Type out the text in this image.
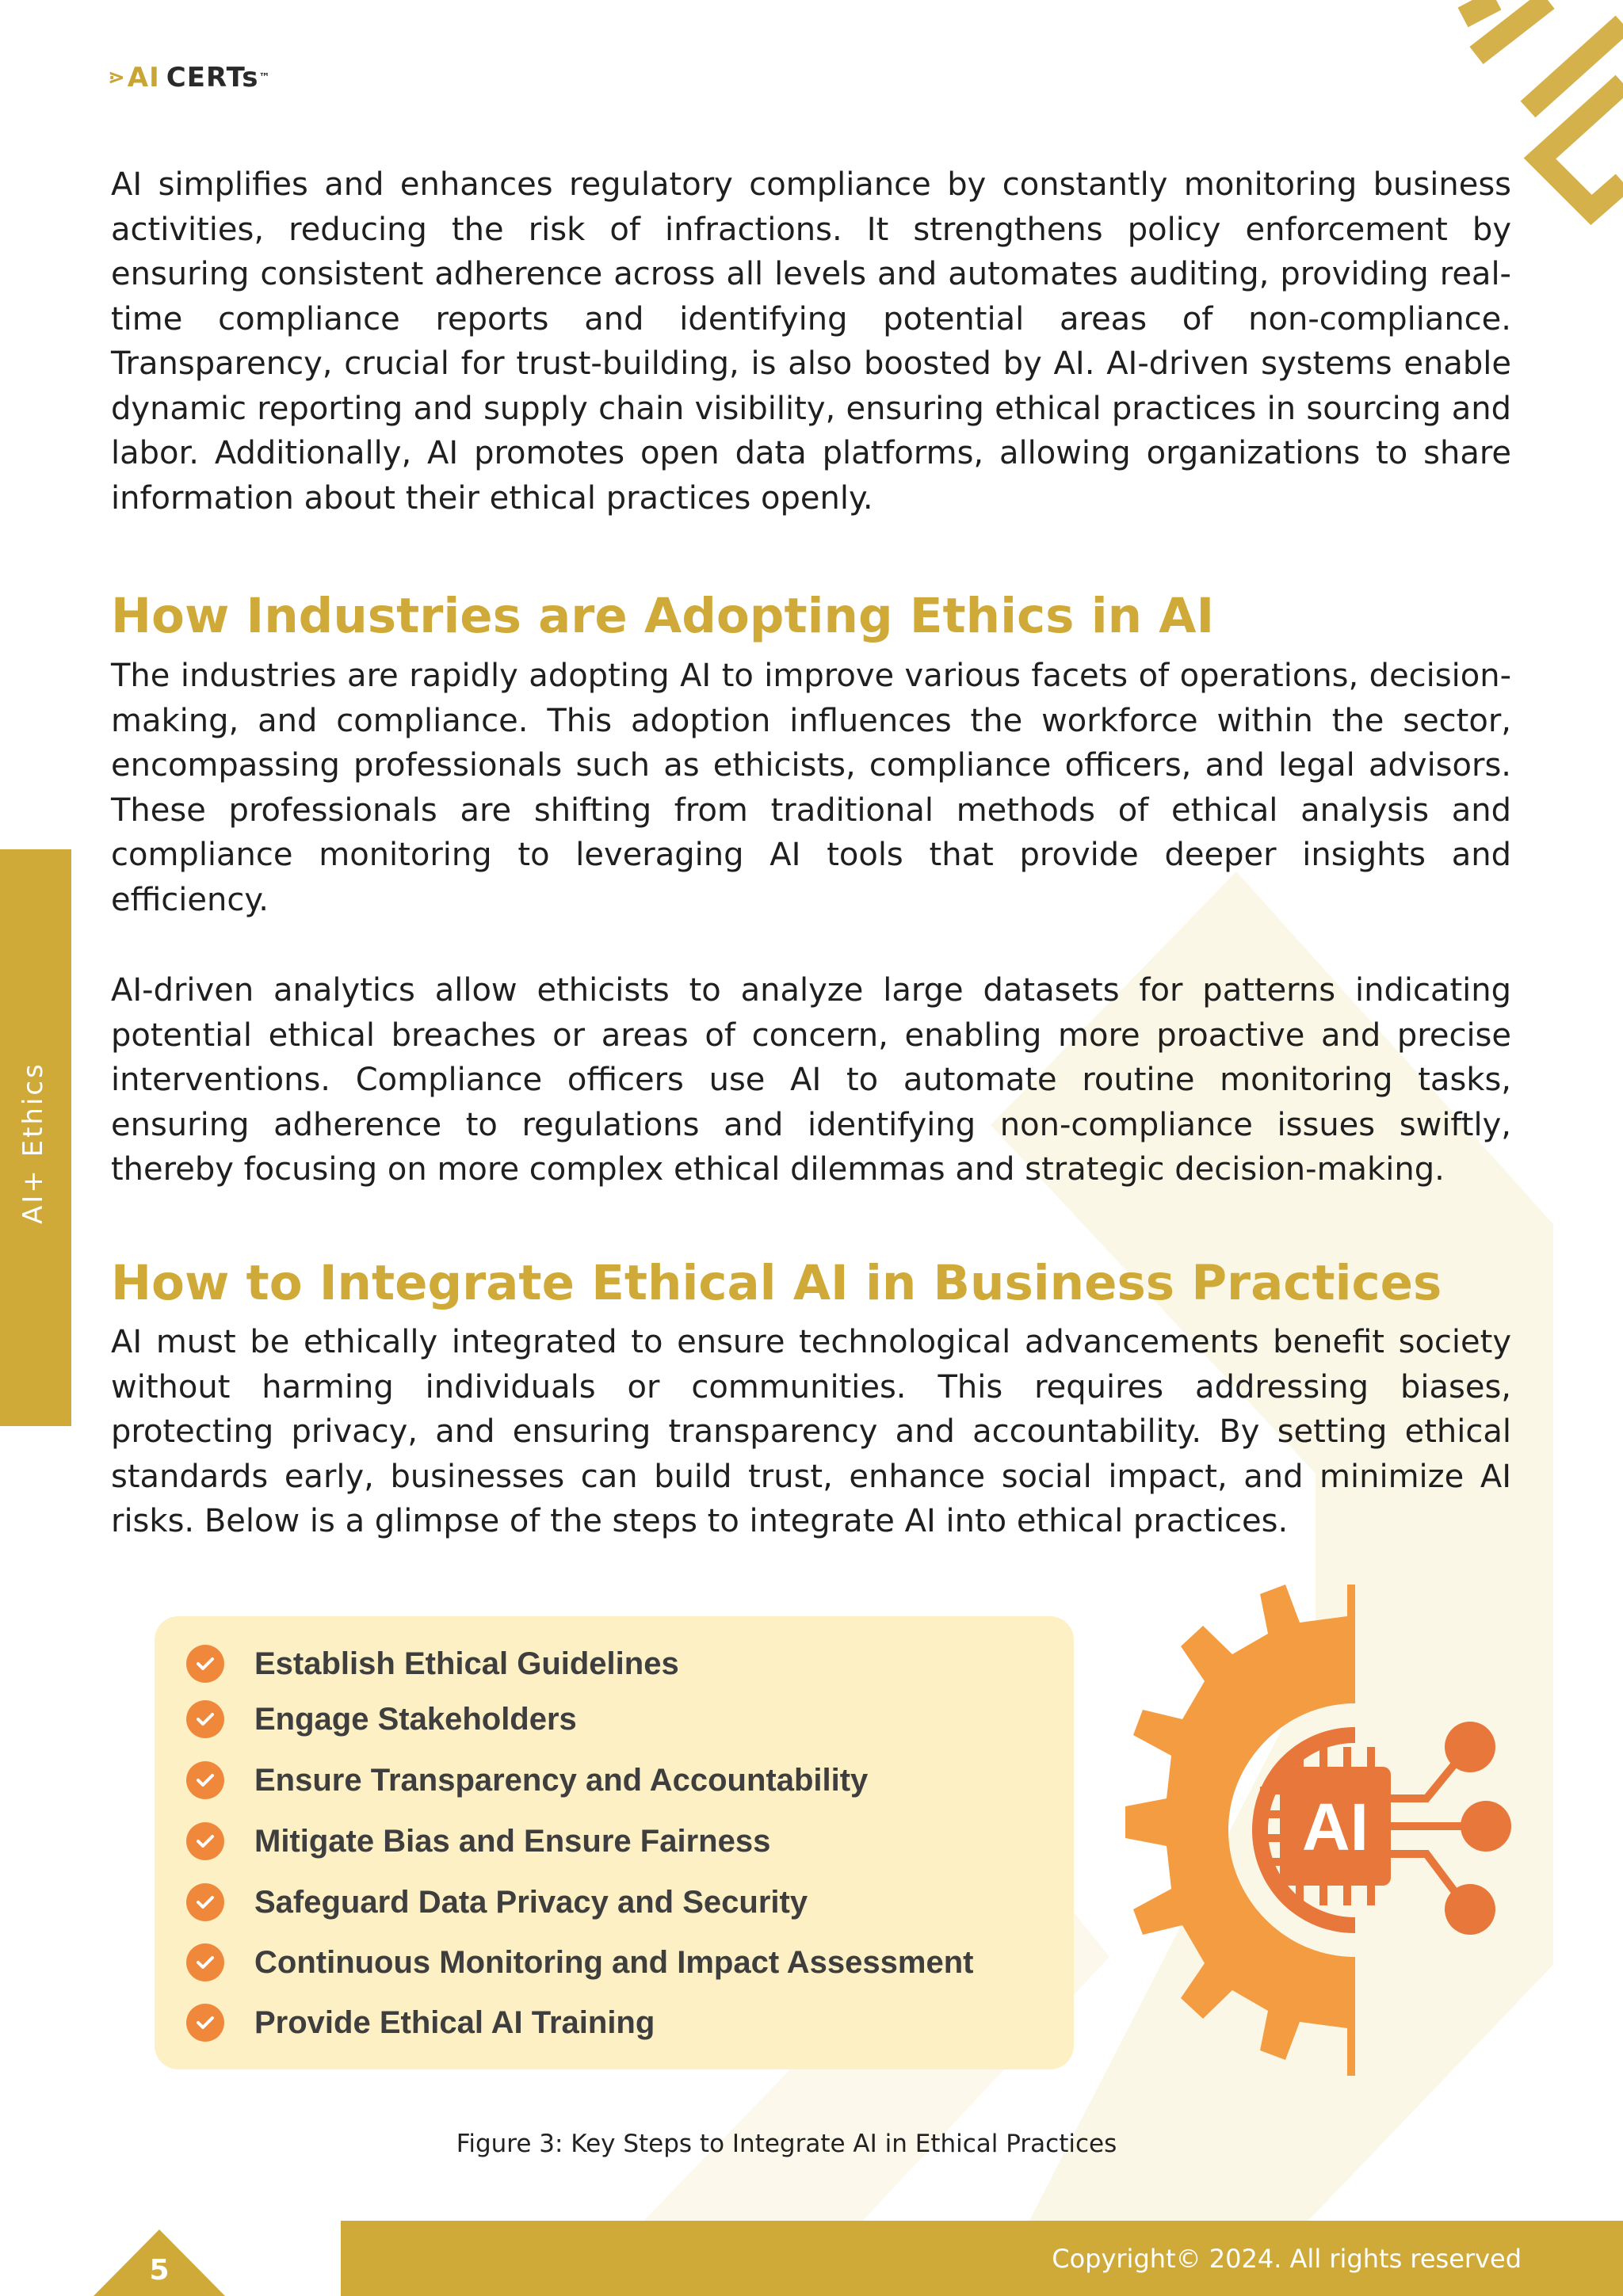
⋗ AI CERTs ™
AI+ Ethics

AI simplifies and enhances regulatory compliance by constantly monitoring business activities, reducing the risk of infractions. It strengthens policy enforcement by ensuring consistent adherence across all levels and automates auditing, providing real-time compliance reports and identifying potential areas of non-compliance. Transparency, crucial for trust-building, is also boosted by AI. AI-driven systems enable dynamic reporting and supply chain visibility, ensuring ethical practices in sourcing and labor. Additionally, AI promotes open data platforms, allowing organizations to share information about their ethical practices openly.

How Industries are Adopting Ethics in AI

The industries are rapidly adopting AI to improve various facets of operations, decision-making, and compliance. This adoption influences the workforce within the sector, encompassing professionals such as ethicists, compliance officers, and legal advisors. These professionals are shifting from traditional methods of ethical analysis and compliance monitoring to leveraging AI tools that provide deeper insights and efficiency.

AI-driven analytics allow ethicists to analyze large datasets for patterns indicating potential ethical breaches or areas of concern, enabling more proactive and precise interventions. Compliance officers use AI to automate routine monitoring tasks, ensuring adherence to regulations and identifying non-compliance issues swiftly, thereby focusing on more complex ethical dilemmas and strategic decision-making.

How to Integrate Ethical AI in Business Practices

AI must be ethically integrated to ensure technological advancements benefit society without harming individuals or communities. This requires addressing biases, protecting privacy, and ensuring transparency and accountability. By setting ethical standards early, businesses can build trust, enhance social impact, and minimize AI risks. Below is a glimpse of the steps to integrate AI into ethical practices.

Establish Ethical Guidelines
Engage Stakeholders
Ensure Transparency and Accountability
Mitigate Bias and Ensure Fairness
Safeguard Data Privacy and Security
Continuous Monitoring and Impact Assessment
Provide Ethical AI Training
AI
Figure 3: Key Steps to Integrate AI in Ethical Practices
Copyright© 2024. All rights reserved
5
